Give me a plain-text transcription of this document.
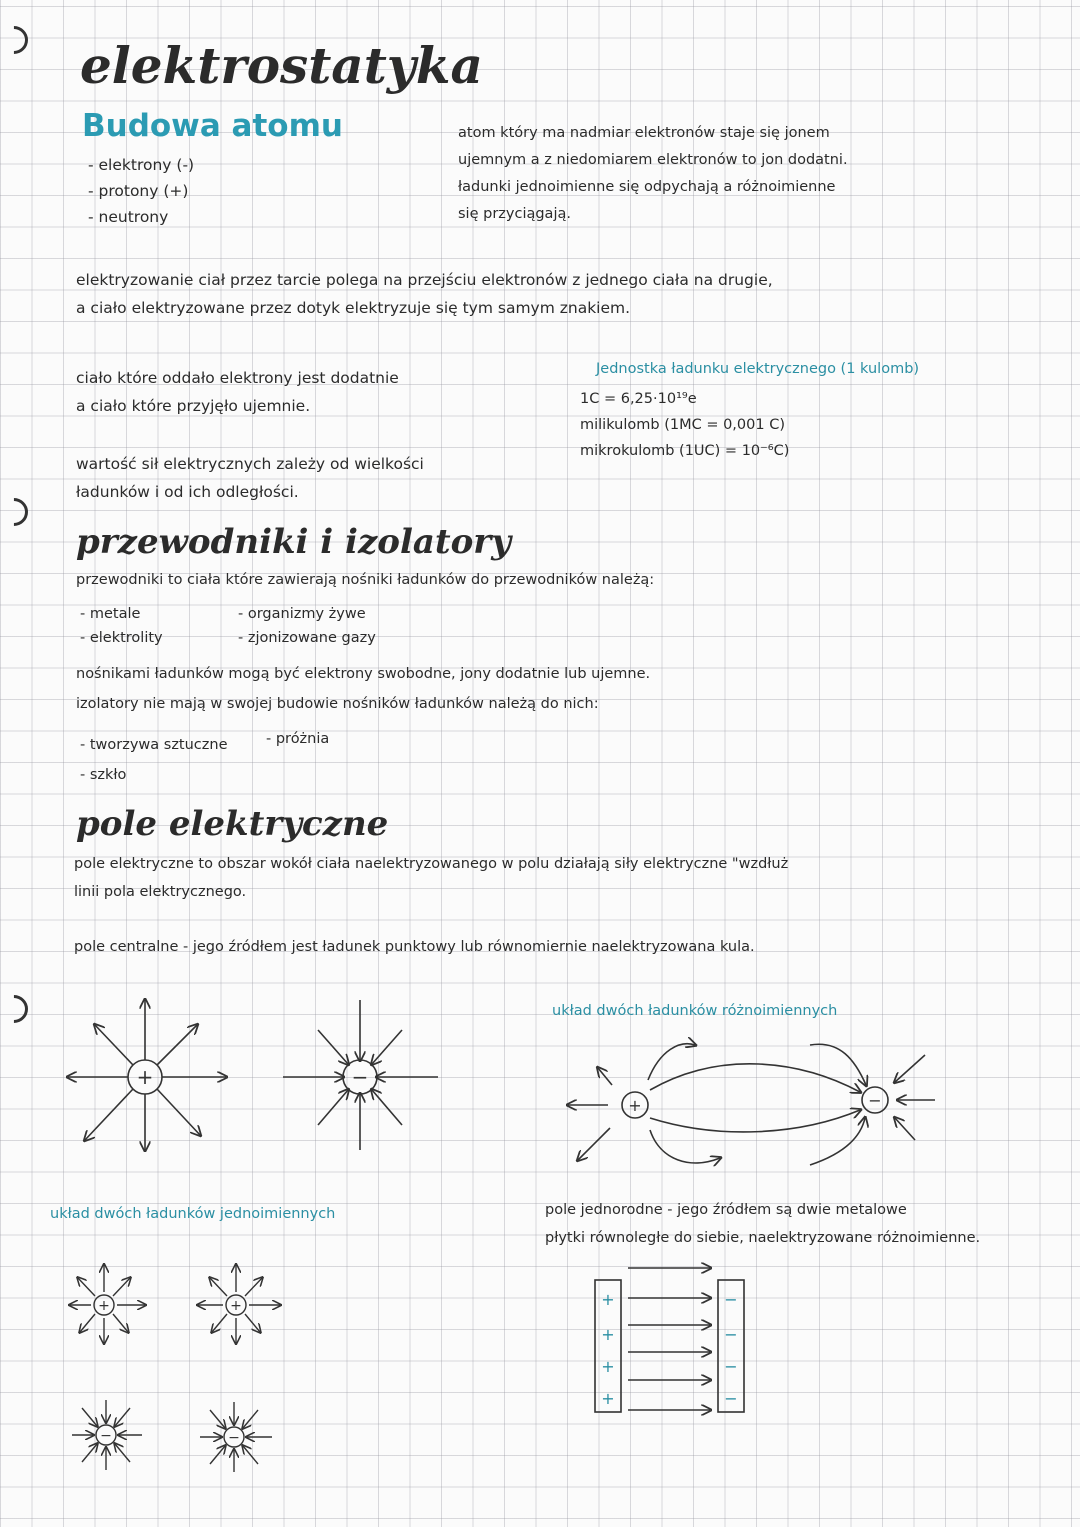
elektrostatyka
Budowa atomu
- elektrony (-)
- protony (+)
- neutrony
atom który ma nadmiar elektronów staje się jonem
ujemnym a z niedomiarem elektronów to jon dodatni.
ładunki jednoimienne się odpychają a różnoimienne
się przyciągają.
elektryzowanie ciał przez tarcie polega na przejściu elektronów z jednego ciała na drugie,
a ciało elektryzowane przez dotyk elektryzuje się tym samym znakiem.
ciało które oddało elektrony jest dodatnie
a ciało które przyjęło ujemnie.
Jednostka ładunku elektrycznego (1 kulomb)
1C = 6,25·10¹⁹e
milikulomb (1MC = 0,001 C)
mikrokulomb (1UC) = 10⁻⁶C)
wartość sił elektrycznych zależy od wielkości
ładunków i od ich odległości.
przewodniki i izolatory
przewodniki to ciała które zawierają nośniki ładunków do przewodników należą:
- metale
- elektrolity
- organizmy żywe
- zjonizowane gazy
nośnikami ładunków mogą być elektrony swobodne, jony dodatnie lub ujemne.
izolatory nie mają w swojej budowie nośników ładunków należą do nich:
- tworzywa sztuczne
- szkło
- próżnia
pole elektryczne
pole elektryczne to obszar wokół ciała naelektryzowanego w polu działają siły elektryczne "wzdłuż
linii pola elektrycznego.
pole centralne - jego źródłem jest ładunek punktowy lub równomiernie naelektryzowana kula.
układ dwóch ładunków różnoimiennych
układ dwóch ładunków jednoimiennych	pole jednorodne - jego źródłem są dwie metalowe
płytki równoległe do siebie, naelektryzowane różnoimienne.
+	−
+	−
+	+
−	−
+
+
+
+
−
−
−
−
